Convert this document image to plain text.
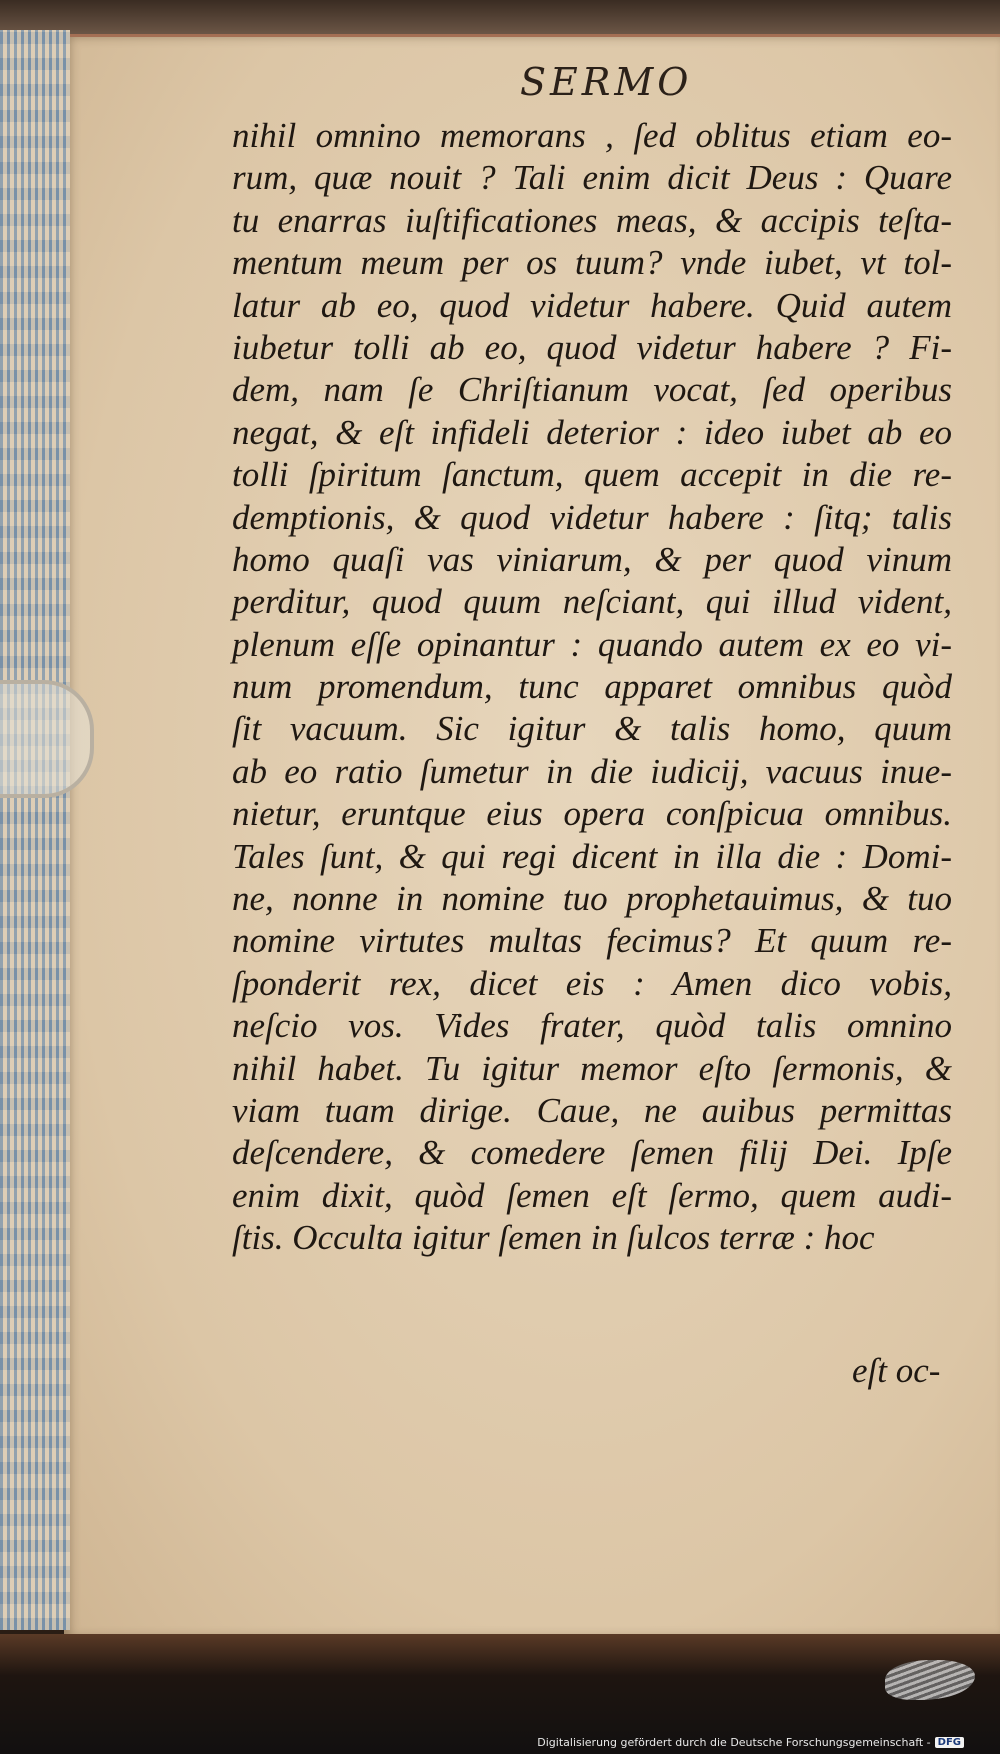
SERMO
nihil omnino memorans , ſed oblitus etiam eo-
rum, quæ nouit ? Tali enim dicit Deus : Quare
tu enarras iuſtificationes meas, & accipis teſta-
mentum meum per os tuum? vnde iubet, vt tol-
latur ab eo, quod videtur habere. Quid autem
iubetur tolli ab eo, quod videtur habere ? Fi-
dem, nam ſe Chriſtianum vocat, ſed operibus
negat, & eſt infideli deterior : ideo iubet ab eo
tolli ſpiritum ſanctum, quem accepit in die re-
demptionis, & quod videtur habere : ſitq; talis
homo quaſi vas viniarum, & per quod vinum
perditur, quod quum neſciant, qui illud vident,
plenum eſſe opinantur : quando autem ex eo vi-
num promendum, tunc apparet omnibus quòd
ſit vacuum. Sic igitur & talis homo, quum
ab eo ratio ſumetur in die iudicij, vacuus inue-
nietur, eruntque eius opera conſpicua omnibus.
Tales ſunt, & qui regi dicent in illa die : Domi-
ne, nonne in nomine tuo prophetauimus, & tuo
nomine virtutes multas fecimus? Et quum re-
ſponderit rex, dicet eis : Amen dico vobis,
neſcio vos. Vides frater, quòd talis omnino
nihil habet. Tu igitur memor eſto ſermonis, &
viam tuam dirige. Caue, ne auibus permittas
deſcendere, & comedere ſemen filij Dei. Ipſe
enim dixit, quòd ſemen eſt ſermo, quem audi-
ſtis. Occulta igitur ſemen in ſulcos terræ : hoc
eſt oc-
Digitalisierung gefördert durch die Deutsche Forschungsgemeinschaft - DFG
